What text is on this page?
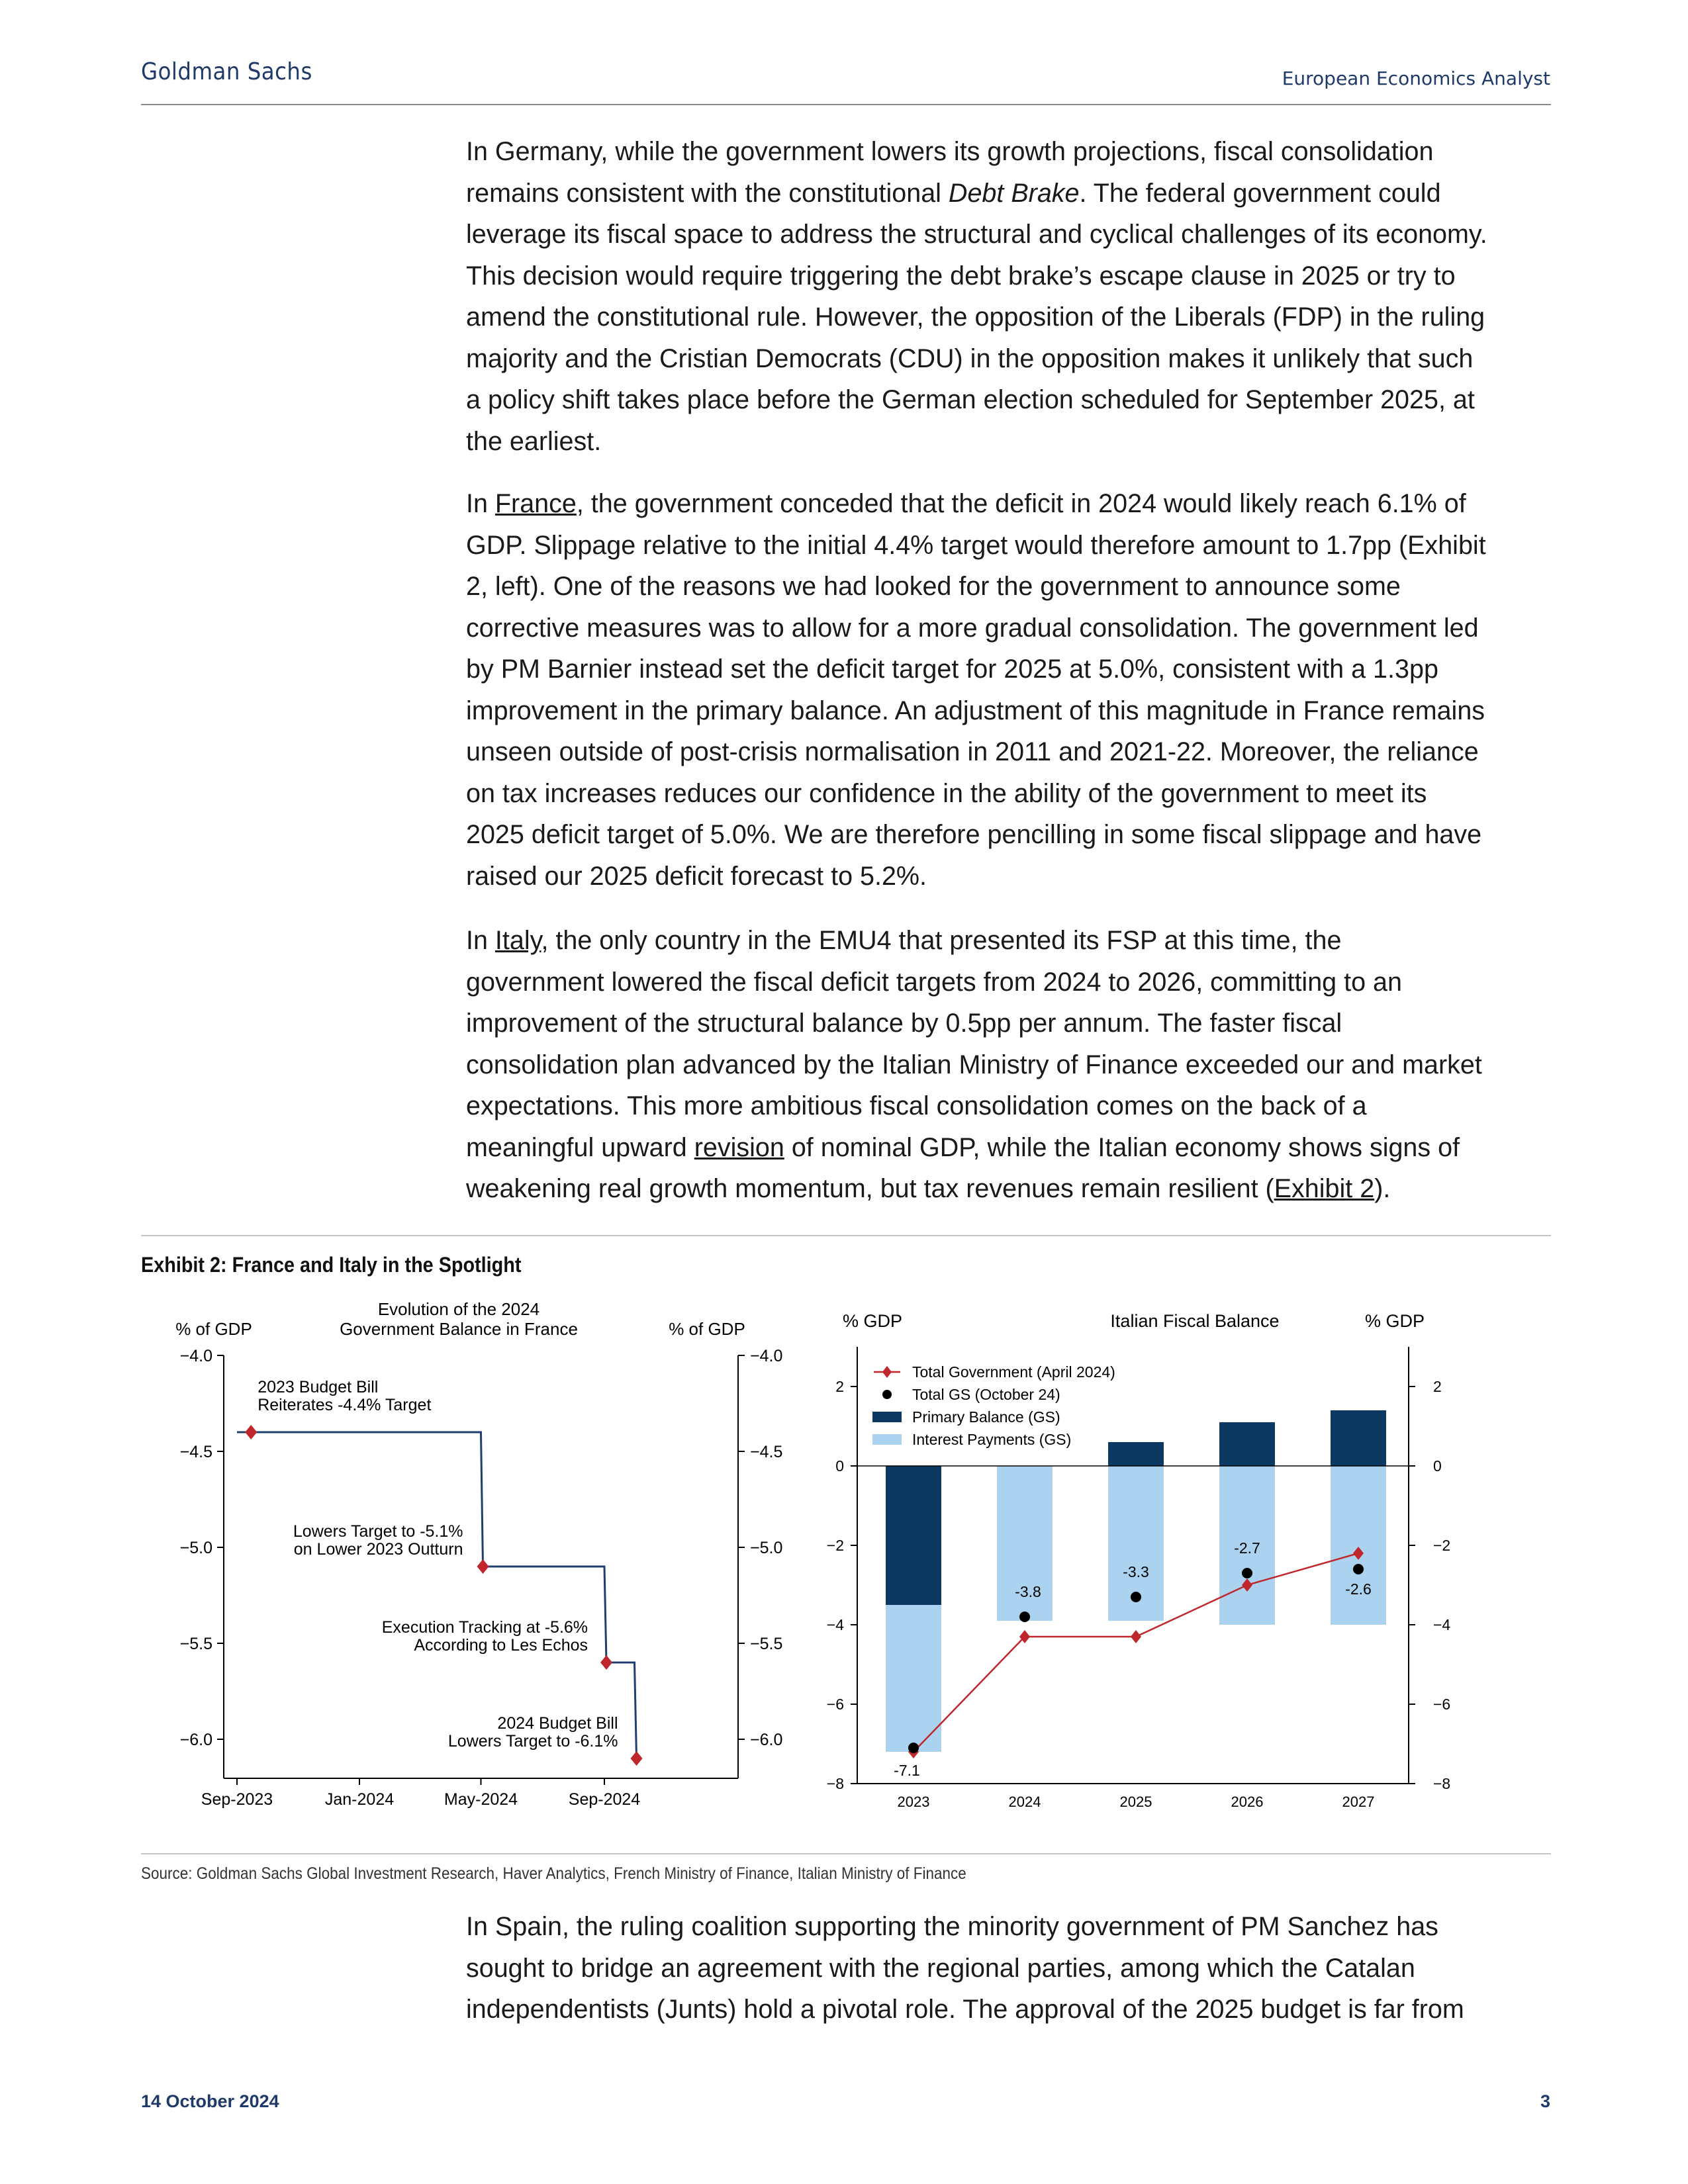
Goldman Sachs	European Economics Analyst

In Germany, while the government lowers its growth projections, fiscal consolidation

remains consistent with the constitutional Debt Brake. The federal government could

leverage its fiscal space to address the structural and cyclical challenges of its economy.

This decision would require triggering the debt brake’s escape clause in 2025 or try to

amend the constitutional rule. However, the opposition of the Liberals (FDP) in the ruling

majority and the Cristian Democrats (CDU) in the opposition makes it unlikely that such

a policy shift takes place before the German election scheduled for September 2025, at

the earliest.

In France, the government conceded that the deficit in 2024 would likely reach 6.1% of

GDP. Slippage relative to the initial 4.4% target would therefore amount to 1.7pp (Exhibit

2, left). One of the reasons we had looked for the government to announce some

corrective measures was to allow for a more gradual consolidation. The government led

by PM Barnier instead set the deficit target for 2025 at 5.0%, consistent with a 1.3pp

improvement in the primary balance. An adjustment of this magnitude in France remains

unseen outside of post-crisis normalisation in 2011 and 2021-22. Moreover, the reliance

on tax increases reduces our confidence in the ability of the government to meet its

2025 deficit target of 5.0%. We are therefore pencilling in some fiscal slippage and have

raised our 2025 deficit forecast to 5.2%.

In Italy, the only country in the EMU4 that presented its FSP at this time, the

government lowered the fiscal deficit targets from 2024 to 2026, committing to an

improvement of the structural balance by 0.5pp per annum. The faster fiscal

consolidation plan advanced by the Italian Ministry of Finance exceeded our and market

expectations. This more ambitious fiscal consolidation comes on the back of a

meaningful upward revision of nominal GDP, while the Italian economy shows signs of

weakening real growth momentum, but tax revenues remain resilient (Exhibit 2).

Exhibit 2: France and Italy in the Spotlight
Evolution of the 2024
Government Balance in France
% of GDP	% of GDP
−4.0	−4.0
−4.5	−4.5
−5.0	−5.0
−5.5	−5.5
−6.0	−6.0
Sep-2023	Jan-2024	May-2024	Sep-2024
2023 Budget Bill
Reiterates -4.4% Target
Lowers Target to -5.1%
on Lower 2023 Outturn
Execution Tracking at -5.6%
According to Les Echos
2024 Budget Bill
Lowers Target to -6.1%
% GDP	Italian Fiscal Balance	% GDP
2	2
0	0
−2	−2
−4	−4
−6	−6
−8	−8
-7.1
-3.8
-3.3
-2.7
-2.6
2023	2024	2025	2026	2027
Total Government (April 2024)
Total GS (October 24)
Primary Balance (GS)
Interest Payments (GS)
Source: Goldman Sachs Global Investment Research, Haver Analytics, French Ministry of Finance, Italian Ministry of Finance

In Spain, the ruling coalition supporting the minority government of PM Sanchez has

sought to bridge an agreement with the regional parties, among which the Catalan

independentists (Junts) hold a pivotal role. The approval of the 2025 budget is far from

14 October 2024	3
